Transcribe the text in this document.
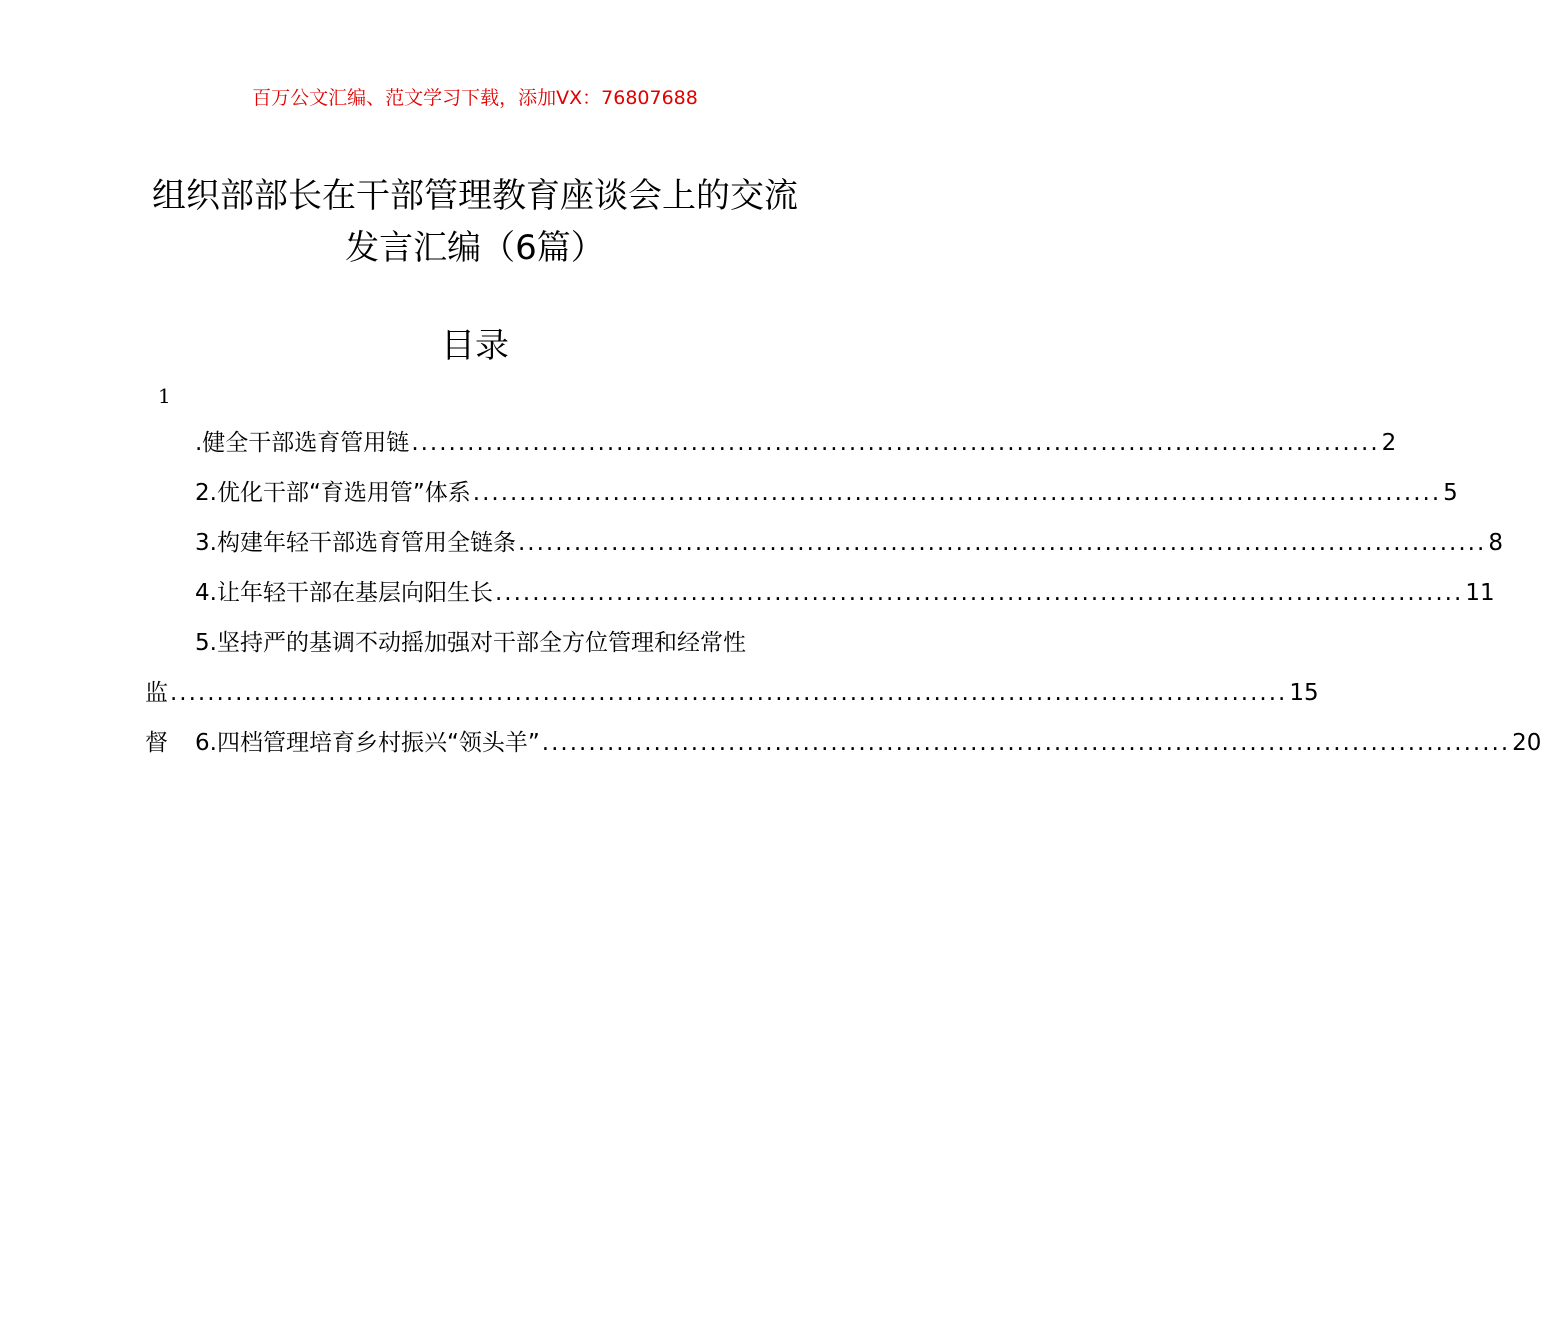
百万公文汇编、范文学习下载，添加VX：76807688
组织部部长在干部管理教育座谈会上的交流发言汇编（6篇）
目录
1
.健全干部选育管用链 ........................................................................................................ 2
2.优化干部“育选用管”体系 ........................................................................................................ 5
3.构建年轻干部选育管用全链条 ........................................................................................................ 8
4.让年轻干部在基层向阳生长 ........................................................................................................ 11
5.坚持严的基调不动摇加强对干部全方位管理和经常性
监督
........................................................................................................................ 15
6.四档管理培育乡村振兴“领头羊” ........................................................................................................ 20
